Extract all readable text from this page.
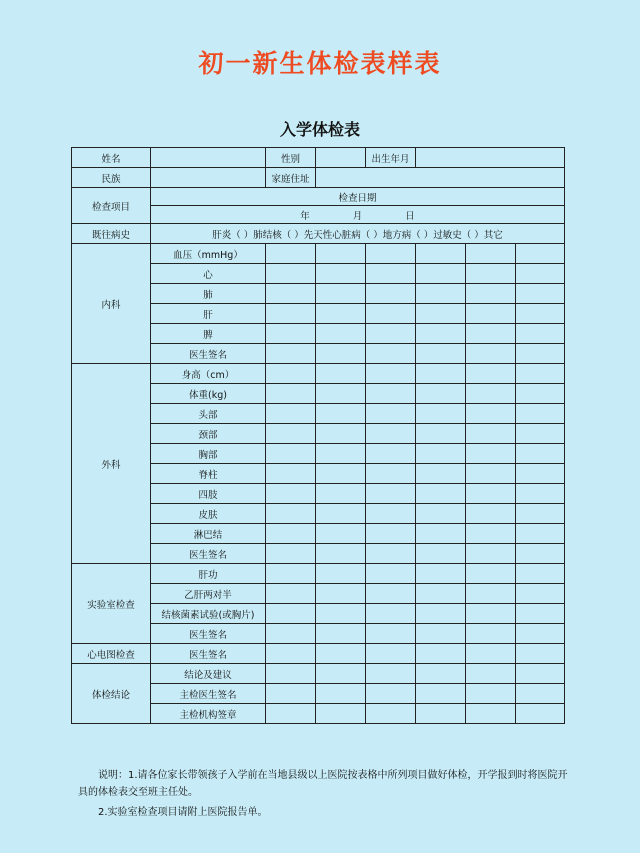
初一新生体检表样表
入学体检表
姓名		性别		出生年月			
民族		家庭住址					
检查项目	检查日期						
	年 月 日						
既往病史	肝炎（ ）肺结核（ ）先天性心脏病（ ）地方病（ ）过敏史（ ）其它						
内科	血压（mmHg）						
	心						
	肺						
	肝						
	脾						
	医生签名						
外科	身高（cm）						
	体重(kg)						
	头部						
	颈部						
	胸部						
	脊柱						
	四肢						
	皮肤						
	淋巴结						
	医生签名						
实验室检查	肝功						
	乙肝两对半						
	结核菌素试验(或胸片)						
	医生签名						
心电图检查	医生签名						
体检结论	结论及建议						
	主检医生签名						
	主检机构签章						

说明：1.请各位家长带领孩子入学前在当地县级以上医院按表格中所列项目做好体检，开学报到时将医院开具的体检表交至班主任处。

2.实验室检查项目请附上医院报告单。
